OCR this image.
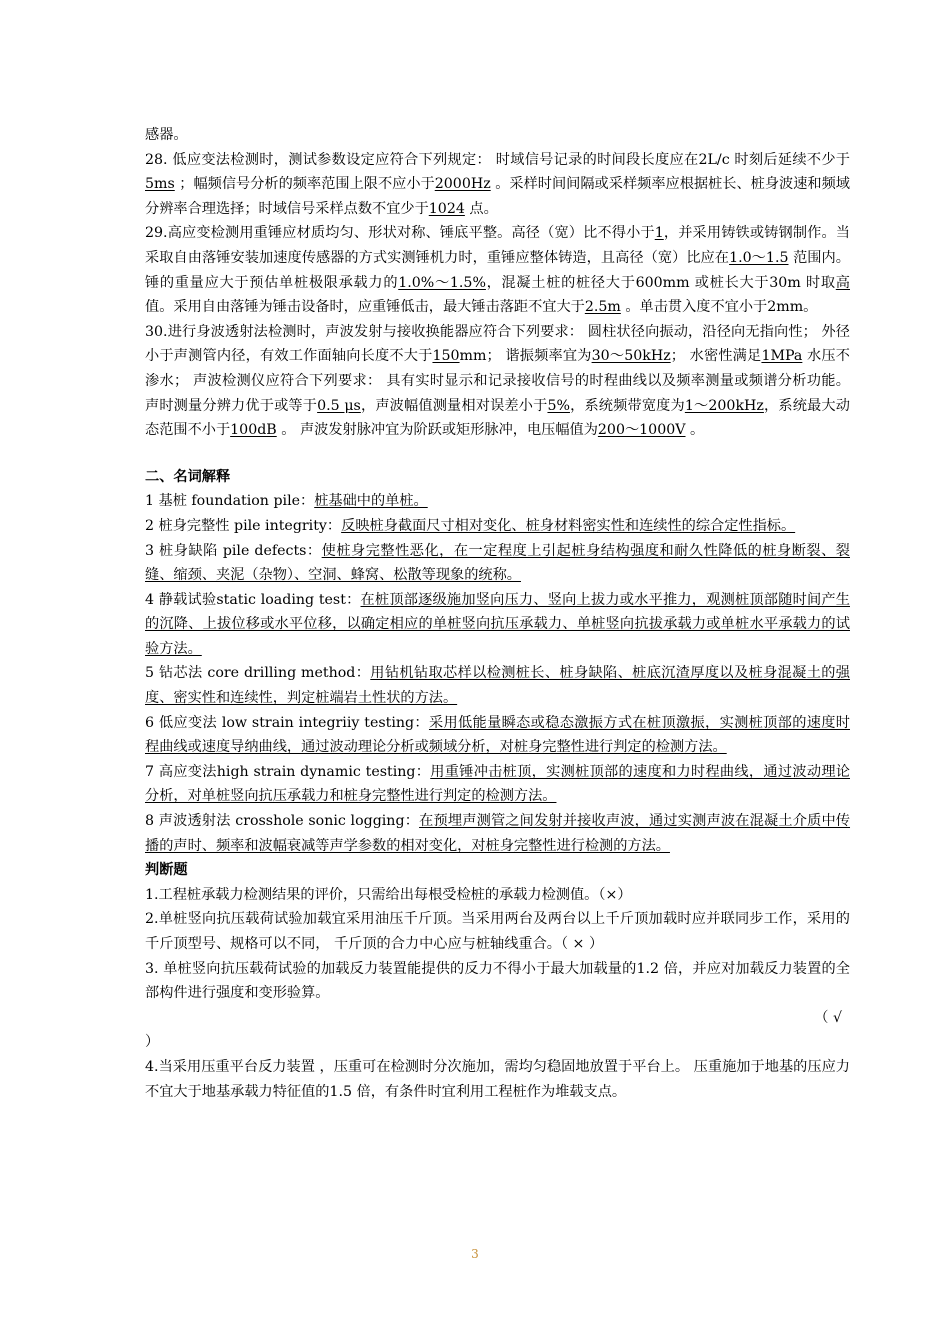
感器。

28. 低应变法检测时，测试参数设定应符合下列规定： 时域信号记录的时间段长度应在2L/c 时刻后延续不少于5ms ；幅频信号分析的频率范围上限不应小于2000Hz 。采样时间间隔或采样频率应根据桩长、桩身波速和频域分辨率合理选择；时域信号采样点数不宜少于1024 点。

29.高应变检测用重锤应材质均匀、形状对称、锤底平整。高径（宽）比不得小于1，并采用铸铁或铸钢制作。当采取自由落锤安装加速度传感器的方式实测锤机力时，重锤应整体铸造，且高径（宽）比应在1.0～1.5 范围内。锤的重量应大于预估单桩极限承载力的1.0%～1.5%，混凝土桩的桩径大于600mm 或桩长大于30m 时取高值。采用自由落锤为锤击设备时，应重锤低击，最大锤击落距不宜大于2.5m 。单击贯入度不宜小于2mm。

30.进行身波透射法检测时，声波发射与接收换能器应符合下列要求： 圆柱状径向振动，沿径向无指向性； 外径小于声测管内径，有效工作面轴向长度不大于150mm； 谐振频率宜为30～50kHz； 水密性满足1MPa 水压不渗水； 声波检测仪应符合下列要求： 具有实时显示和记录接收信号的时程曲线以及频率测量或频谱分析功能。 声时测量分辨力优于或等于0.5 μs，声波幅值测量相对误差小于5%，系统频带宽度为1～200kHz，系统最大动态范围不小于100dB 。 声波发射脉冲宜为阶跃或矩形脉冲，电压幅值为200～1000V 。

二、名词解释

1 基桩 foundation pile：桩基础中的单桩。

2 桩身完整性 pile integrity：反映桩身截面尺寸相对变化、桩身材料密实性和连续性的综合定性指标。

3 桩身缺陷 pile defects：使桩身完整性恶化，在一定程度上引起桩身结构强度和耐久性降低的桩身断裂、裂缝、缩颈、夹泥（杂物）、空洞、蜂窝、松散等现象的统称。

4 静载试验static loading test：在桩顶部逐级施加竖向压力、竖向上拔力或水平推力，观测桩顶部随时间产生的沉降、上拔位移或水平位移，以确定相应的单桩竖向抗压承载力、单桩竖向抗拔承载力或单桩水平承载力的试验方法。

5 钻芯法 core drilling method：用钻机钻取芯样以检测桩长、桩身缺陷、桩底沉渣厚度以及桩身混凝土的强度、密实性和连续性，判定桩端岩土性状的方法。

6 低应变法 low strain integriiy testing：采用低能量瞬态或稳态激振方式在桩顶激振，实测桩顶部的速度时程曲线或速度导纳曲线，通过波动理论分析或频域分析，对桩身完整性进行判定的检测方法。

7 高应变法high strain dynamic testing：用重锤冲击桩顶，实测桩顶部的速度和力时程曲线，通过波动理论分析，对单桩竖向抗压承载力和桩身完整性进行判定的检测方法。

8 声波透射法 crosshole sonic logging：在预埋声测管之间发射并接收声波，通过实测声波在混凝土介质中传播的声时、频率和波幅衰减等声学参数的相对变化，对桩身完整性进行检测的方法。

判断题

1.工程桩承载力检测结果的评价，只需给出每根受检桩的承载力检测值。（×）

2.单桩竖向抗压载荷试验加载宜采用油压千斤顶。当采用两台及两台以上千斤顶加载时应并联同步工作，采用的千斤顶型号、规格可以不同， 千斤顶的合力中心应与桩轴线重合。（ × ）

3. 单桩竖向抗压载荷试验的加载反力装置能提供的反力不得小于最大加载量的1.2 倍，并应对加载反力装置的全部构件进行强度和变形验算。
（ √
）

4.当采用压重平台反力装置 ，压重可在检测时分次施加，需均匀稳固地放置于平台上。 压重施加于地基的压应力不宜大于地基承载力特征值的1.5 倍，有条件时宜利用工程桩作为堆载支点。

3
